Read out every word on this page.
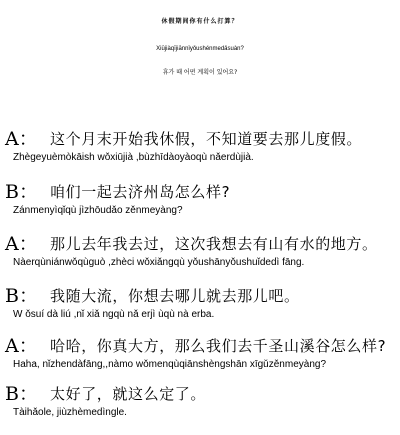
休假期间你有什么打算？
Xiūjiàqījiānnǐyǒushénmedǎsuàn?
휴가 때 어떤 계획이 있어요?
A： 这个月末开始我休假，不知道要去那儿度假。
Zhègeyuèmòkāish wǒxiūjià ,bùzhīdàoyàoqù nǎerdùjià.
B： 咱们一起去济州岛怎么样?
Zánmenyìqǐqù jìzhōudǎo zěnmeyàng?
A： 那儿去年我去过，这次我想去有山有水的地方。
Nàerqùniánwǒqùguò ,zhèci wǒxiǎngqù yǒushānyǒushuǐdedì fāng.
B： 我随大流，你想去哪儿就去那儿吧。
W ǒsuí dà liú ,nǐ xiǎ ngqù nǎ erjì ùqù nà erba.
A： 哈哈，你真大方，那么我们去千圣山溪谷怎么样?
Haha, nǐzhendàfāng,,nàmo wǒmenqùqiānshèngshān xīgǔzěnmeyàng?
B： 太好了，就这么定了。
Tàihǎole, jiùzhèmedìngle.
